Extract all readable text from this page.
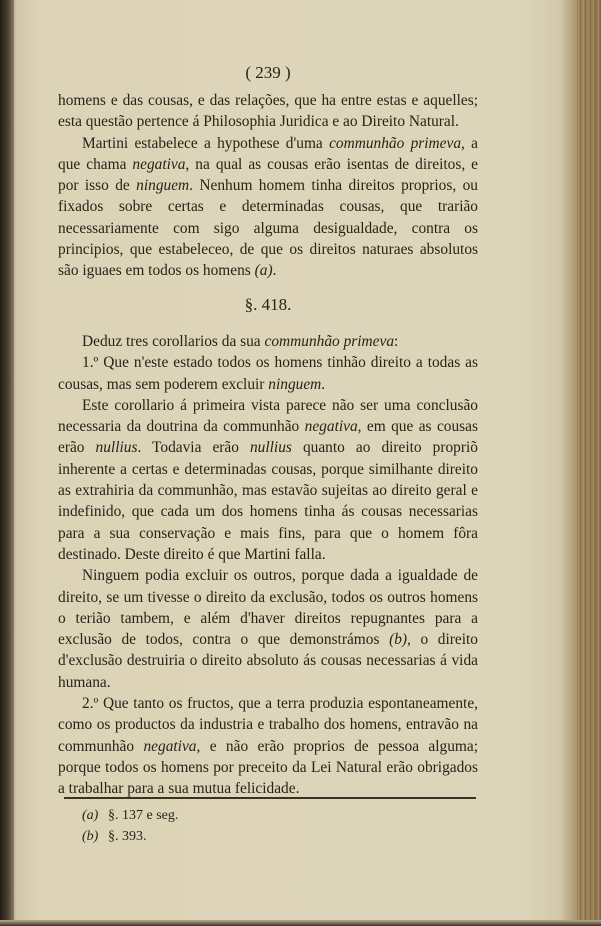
( 239 )

homens e das cousas, e das relações, que ha entre estas e aquelles; esta questão pertence á Philosophia Juridica e ao Direito Natural.

Martini estabelece a hypothese d'uma communhão primeva, a que chama negativa, na qual as cousas erão isentas de direitos, e por isso de ninguem. Nenhum homem tinha direitos proprios, ou fixados sobre certas e determinadas cousas, que trarião necessariamente com sigo alguma desigualdade, contra os principios, que estabeleceo, de que os direitos naturaes absolutos são iguaes em todos os homens (a).

§. 418.

Deduz tres corollarios da sua communhão primeva:

1.º Que n'este estado todos os homens tinhão direito a todas as cousas, mas sem poderem excluir ninguem.

Este corollario á primeira vista parece não ser uma conclusão necessaria da doutrina da communhão negativa, em que as cousas erão nullius. Todavia erão nullius quanto ao direito propriõ inherente a certas e determinadas cousas, porque similhante direito as extrahiria da communhão, mas estavão sujeitas ao direito geral e indefinido, que cada um dos homens tinha ás cousas necessarias para a sua conservação e mais fins, para que o homem fôra destinado. Deste direito é que Martini falla.

Ninguem podia excluir os outros, porque dada a igualdade de direito, se um tivesse o direito da exclusão, todos os outros homens o terião tambem, e além d'haver direitos repugnantes para a exclusão de todos, contra o que demonstrámos (b), o direito d'exclusão destruiria o direito absoluto ás cousas necessarias á vida humana.

2.º Que tanto os fructos, que a terra produzia espontaneamente, como os productos da industria e trabalho dos homens, entravão na communhão negativa, e não erão proprios de pessoa alguma; porque todos os homens por preceito da Lei Natural erão obrigados a trabalhar para a sua mutua felicidade.

(a) §. 137 e seg.
(b) §. 393.
